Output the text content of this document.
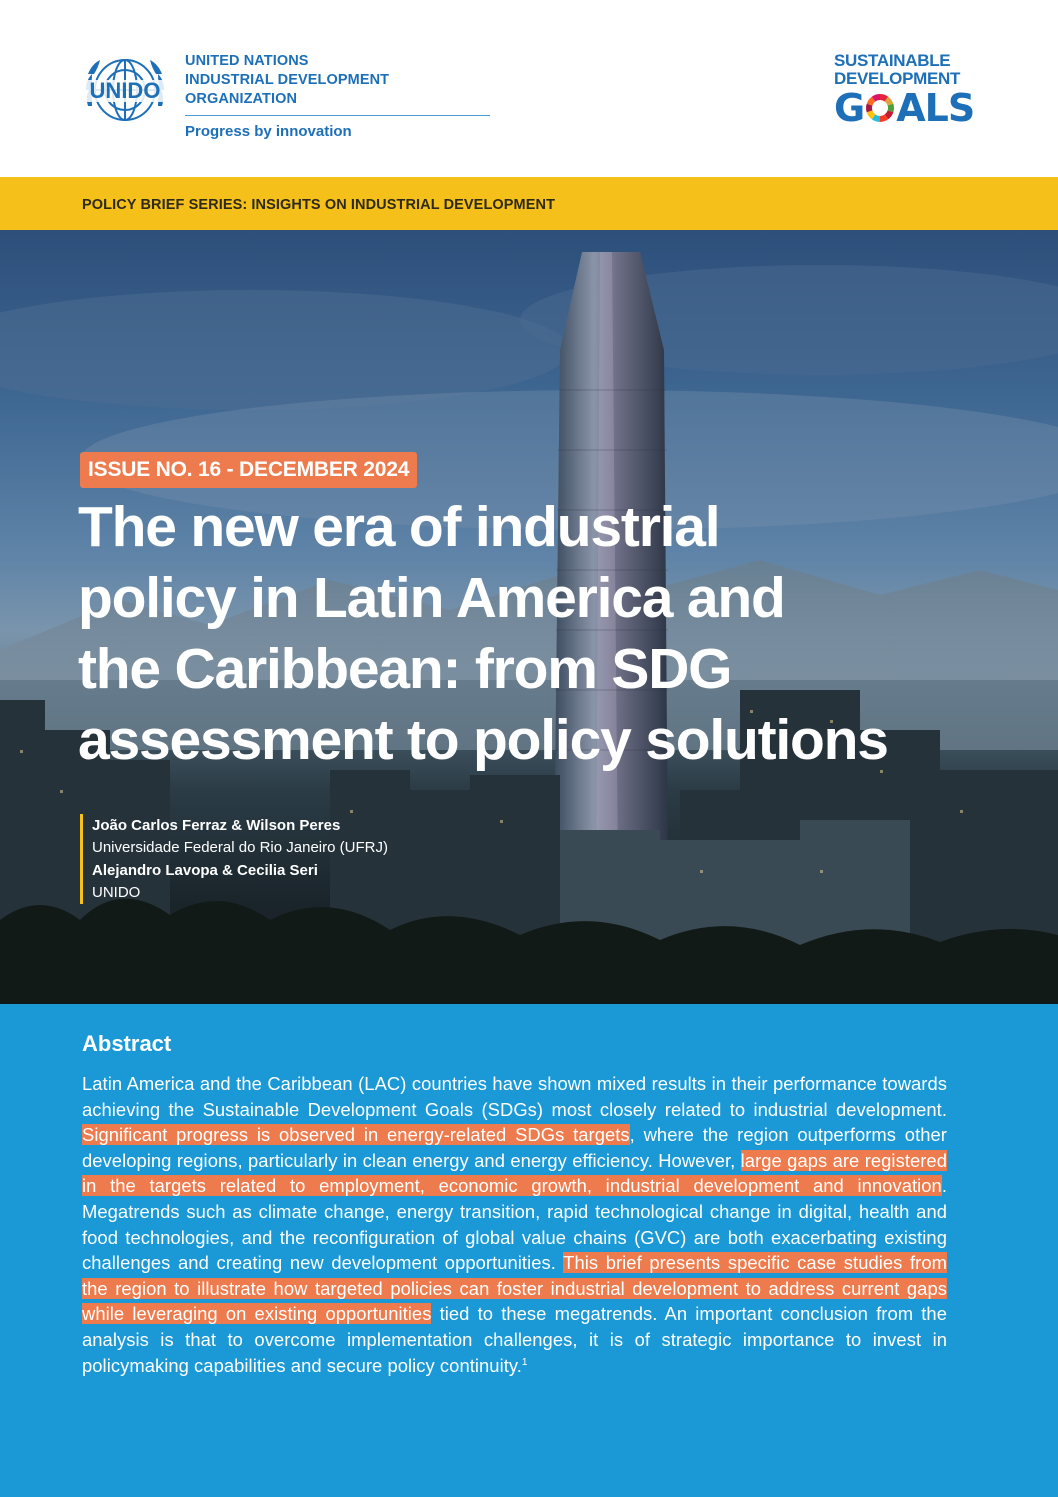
UNIDO
UNITED NATIONS
INDUSTRIAL DEVELOPMENT ORGANIZATION
Progress by innovation
SUSTAINABLE
DEVELOPMENT
G ALS
POLICY BRIEF SERIES: INSIGHTS ON INDUSTRIAL DEVELOPMENT
ISSUE NO. 16 - DECEMBER 2024
The new era of industrial
policy in Latin America and
the Caribbean: from SDG
assessment to policy solutions
João Carlos Ferraz & Wilson Peres
Universidade Federal do Rio Janeiro (UFRJ)
Alejandro Lavopa & Cecilia Seri
UNIDO
Abstract

Latin America and the Caribbean (LAC) countries have shown mixed results in their performance towards achieving the Sustainable Development Goals (SDGs) most closely related to industrial development. Significant progress is observed in energy-related SDGs targets, where the region outperforms other developing regions, particularly in clean energy and energy efficiency. However, large gaps are registered in the targets related to employment, economic growth, industrial development and innovation. Megatrends such as climate change, energy transition, rapid technological change in digital, health and food technologies, and the reconfiguration of global value chains (GVC) are both exacerbating existing challenges and creating new development opportunities. This brief presents specific case studies from the region to illustrate how targeted policies can foster industrial development to address current gaps while leveraging on existing opportunities tied to these megatrends. An important conclusion from the analysis is that to overcome implementation challenges, it is of strategic importance to invest in policymaking capabilities and secure policy continuity.$^1$
